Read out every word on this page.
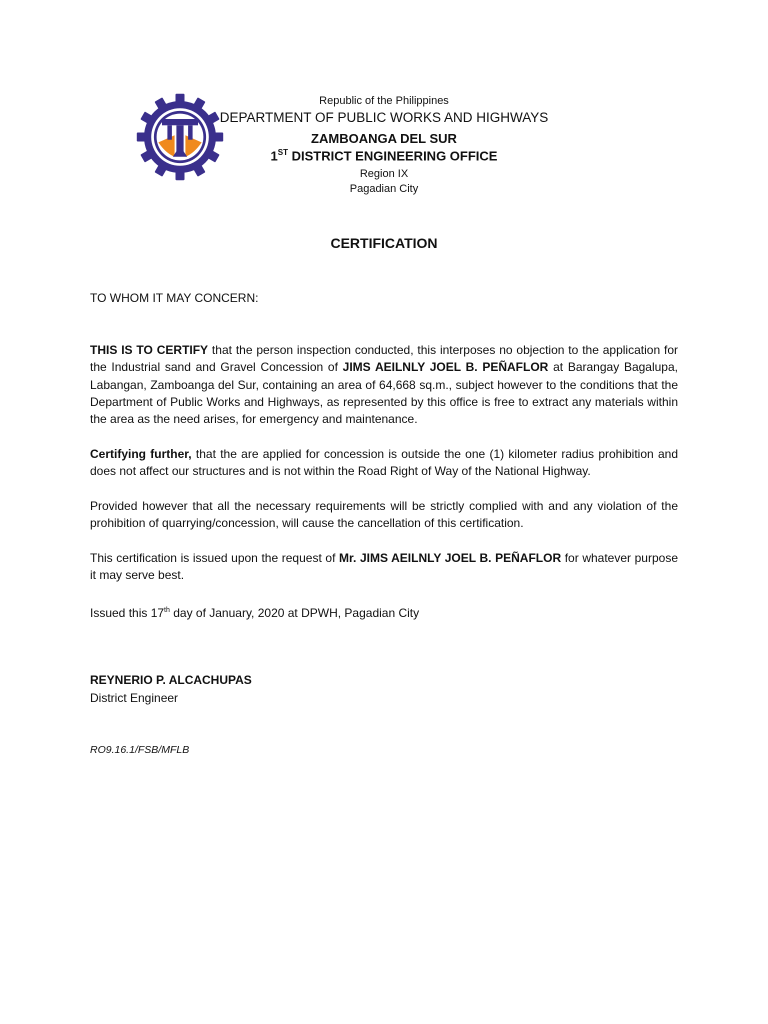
Republic of the Philippines
DEPARTMENT OF PUBLIC WORKS AND HIGHWAYS
ZAMBOANGA DEL SUR
1ST DISTRICT ENGINEERING OFFICE
Region IX
Pagadian City
CERTIFICATION
TO WHOM IT MAY CONCERN:
THIS IS TO CERTIFY that the person inspection conducted, this interposes no objection to the application for the Industrial sand and Gravel Concession of JIMS AEILNLY JOEL B. PEÑAFLOR at Barangay Bagalupa, Labangan, Zamboanga del Sur, containing an area of 64,668 sq.m., subject however to the conditions that the Department of Public Works and Highways, as represented by this office is free to extract any materials within the area as the need arises, for emergency and maintenance.
Certifying further, that the are applied for concession is outside the one (1) kilometer radius prohibition and does not affect our structures and is not within the Road Right of Way of the National Highway.
Provided however that all the necessary requirements will be strictly complied with and any violation of the prohibition of quarrying/concession, will cause the cancellation of this certification.
This certification is issued upon the request of Mr. JIMS AEILNLY JOEL B. PEÑAFLOR for whatever purpose it may serve best.
Issued this 17th day of January, 2020 at DPWH, Pagadian City
REYNERIO P. ALCACHUPAS
District Engineer
RO9.16.1/FSB/MFLB
